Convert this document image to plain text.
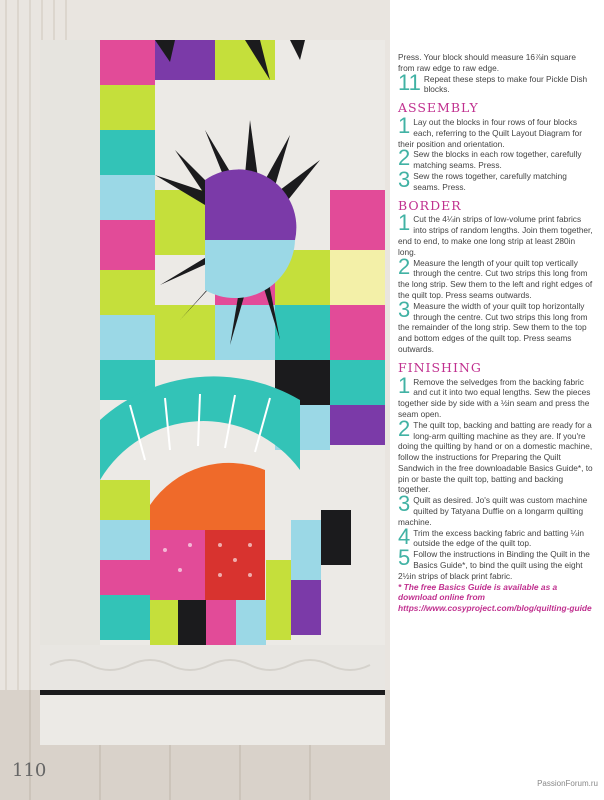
Press. Your block should measure 16⅞in square from raw edge to raw edge.

11 Repeat these steps to make four Pickle Dish blocks.

ASSEMBLY
1 Lay out the blocks in four rows of four blocks each, referring to the Quilt Layout Diagram for their position and orientation.

2 Sew the blocks in each row together, carefully matching seams. Press.

3 Sew the rows together, carefully matching seams. Press.

BORDER
1 Cut the 4¼in strips of low-volume print fabrics into strips of random lengths. Join them together, end to end, to make one long strip at least 280in long.

2 Measure the length of your quilt top vertically through the centre. Cut two strips this long from the long strip. Sew them to the left and right edges of the quilt top. Press seams outwards.

3 Measure the width of your quilt top horizontally through the centre. Cut two strips this long from the remainder of the long strip. Sew them to the top and bottom edges of the quilt top. Press seams outwards.

FINISHING
1 Remove the selvedges from the backing fabric and cut it into two equal lengths. Sew the pieces together side by side with a ½in seam and press the seam open.

2 The quilt top, backing and batting are ready for a long-arm quilting machine as they are. If you're doing the quilting by hand or on a domestic machine, follow the instructions for Preparing the Quilt Sandwich in the free downloadable Basics Guide*, to pin or baste the quilt top, batting and backing together.

3 Quilt as desired. Jo's quilt was custom machine quilted by Tatyana Duffie on a longarm quilting machine.

4 Trim the excess backing fabric and batting ¼in outside the edge of the quilt top.

5 Follow the instructions in Binding the Quilt in the Basics Guide*, to bind the quilt using the eight 2½in strips of black print fabric.

* The free Basics Guide is available as a download online from https://www.cosyproject.com/blog/quilting-guide

110
PassionForum.ru
